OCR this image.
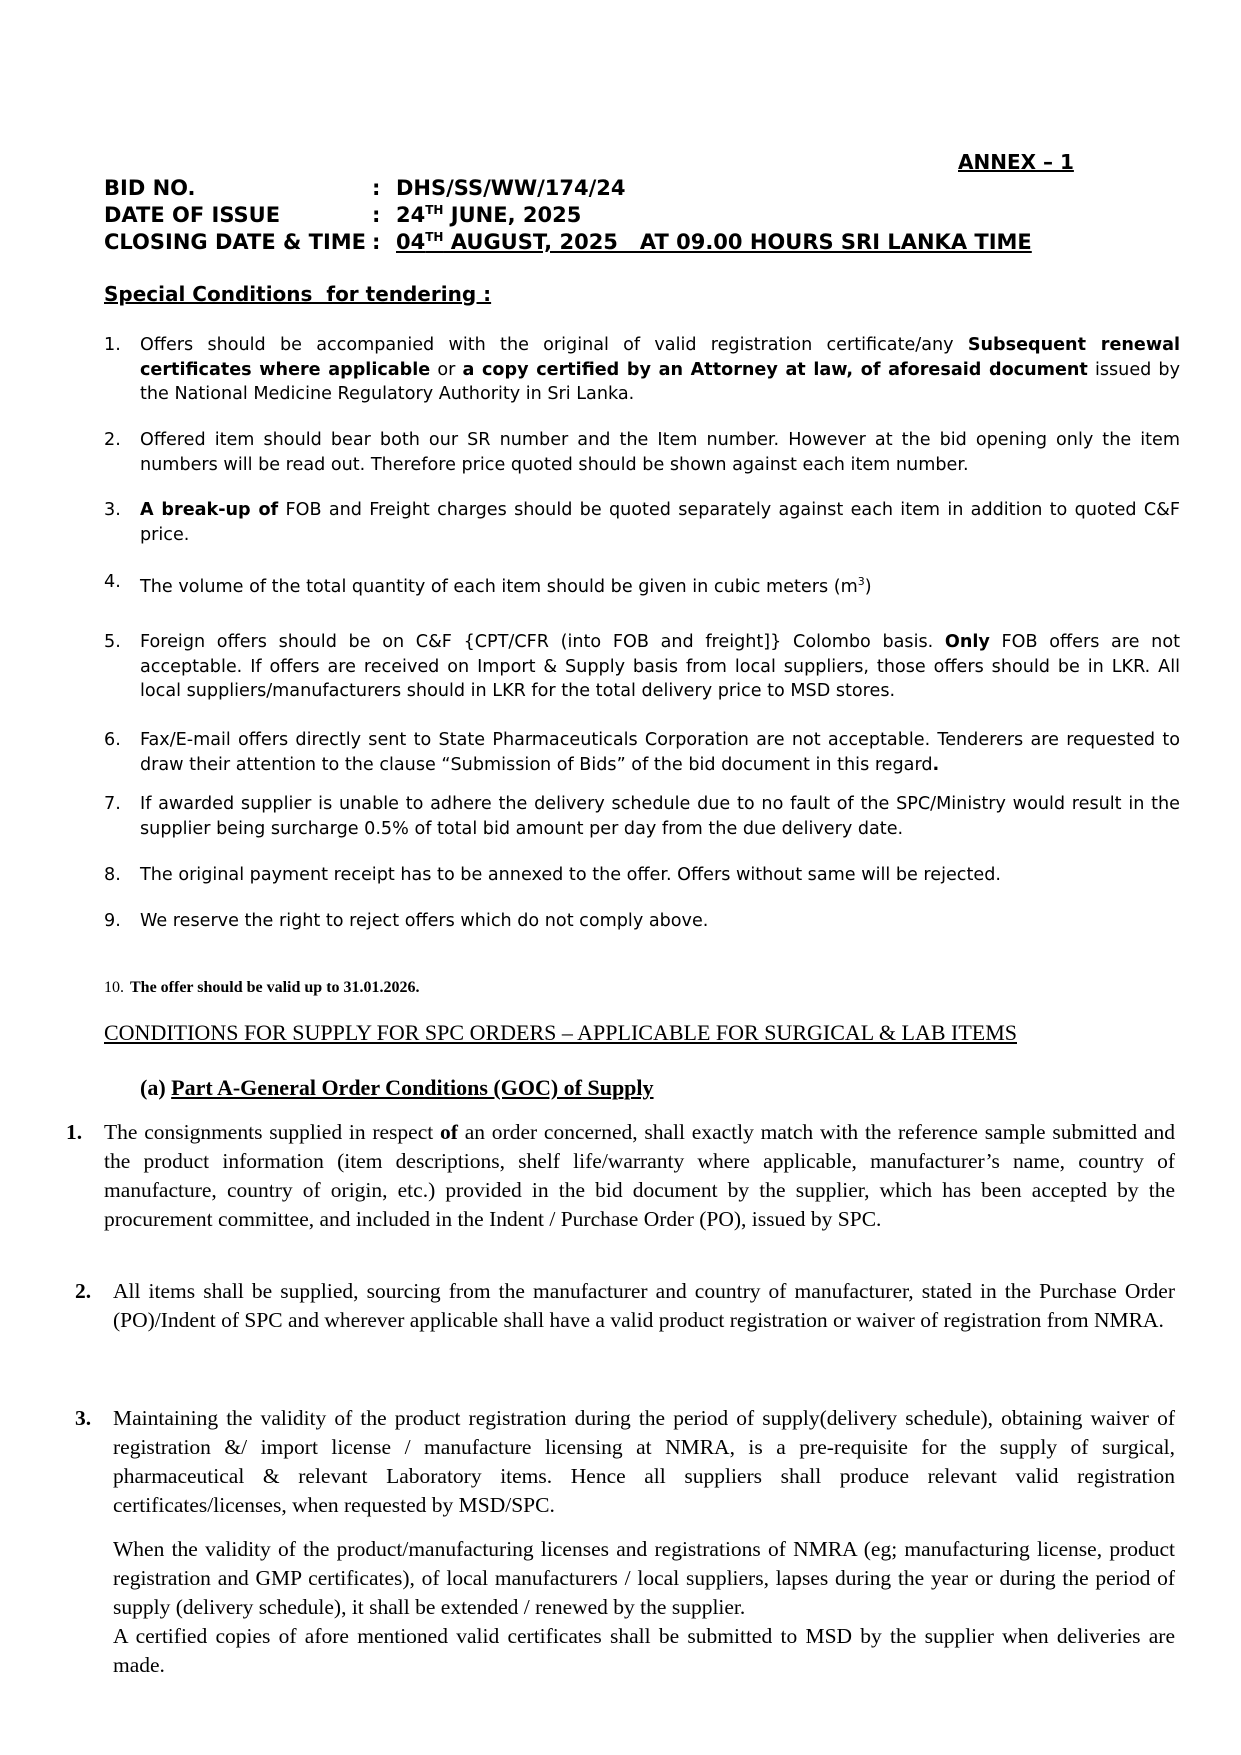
ANNEX – 1
BID NO.	: DHS/SS/WW/174/24
DATE OF ISSUE	: 24TH JUNE, 2025
CLOSING DATE & TIME : 04TH AUGUST, 2025   AT 09.00 HOURS SRI LANKA TIME
Special Conditions  for tendering :
1. Offers should be accompanied with the original of valid registration certificate/any Subsequent renewal certificates where applicable or a copy certified by an Attorney at law, of aforesaid document issued by the National Medicine Regulatory Authority in Sri Lanka.
2. Offered item should bear both our SR number and the Item number. However at the bid opening only the item numbers will be read out. Therefore price quoted should be shown against each item number.
3. A break-up of FOB and Freight charges should be quoted separately against each item in addition to quoted C&F price.
4. The volume of the total quantity of each item should be given in cubic meters $(m^3)$
5. Foreign offers should be on C&F {CPT/CFR (into FOB and freight]} Colombo basis. Only FOB offers are not acceptable. If offers are received on Import & Supply basis from local suppliers, those offers should be in LKR. All local suppliers/manufacturers should in LKR for the total delivery price to MSD stores.
6. Fax/E-mail offers directly sent to State Pharmaceuticals Corporation are not acceptable. Tenderers are requested to draw their attention to the clause “Submission of Bids” of the bid document in this regard.
7. If awarded supplier is unable to adhere the delivery schedule due to no fault of the SPC/Ministry would result in the supplier being surcharge 0.5% of total bid amount per day from the due delivery date.
8. The original payment receipt has to be annexed to the offer. Offers without same will be rejected.
9. We reserve the right to reject offers which do not comply above.
10. The offer should be valid up to 31.01.2026.
CONDITIONS FOR SUPPLY FOR SPC ORDERS – APPLICABLE FOR SURGICAL & LAB ITEMS
(a) Part A-General Order Conditions (GOC) of Supply
1. The consignments supplied in respect of an order concerned, shall exactly match with the reference sample submitted and the product information (item descriptions, shelf life/warranty where applicable, manufacturer’s name, country of manufacture, country of origin, etc.) provided in the bid document by the supplier, which has been accepted by the procurement committee, and included in the Indent / Purchase Order (PO), issued by SPC.
2. All items shall be supplied, sourcing from the manufacturer and country of manufacturer, stated in the Purchase Order (PO)/Indent of SPC and wherever applicable shall have a valid product registration or waiver of registration from NMRA.
3. Maintaining the validity of the product registration during the period of supply(delivery schedule), obtaining waiver of registration &/ import license / manufacture licensing at NMRA, is a pre-requisite for the supply of surgical, pharmaceutical & relevant Laboratory items. Hence all suppliers shall produce relevant valid registration certificates/licenses, when requested by MSD/SPC.
When the validity of the product/manufacturing licenses and registrations of NMRA (eg; manufacturing license, product registration and GMP certificates), of local manufacturers / local suppliers, lapses during the year or during the period of supply (delivery schedule), it shall be extended / renewed by the supplier.
A certified copies of afore mentioned valid certificates shall be submitted to MSD by the supplier when deliveries are made.
